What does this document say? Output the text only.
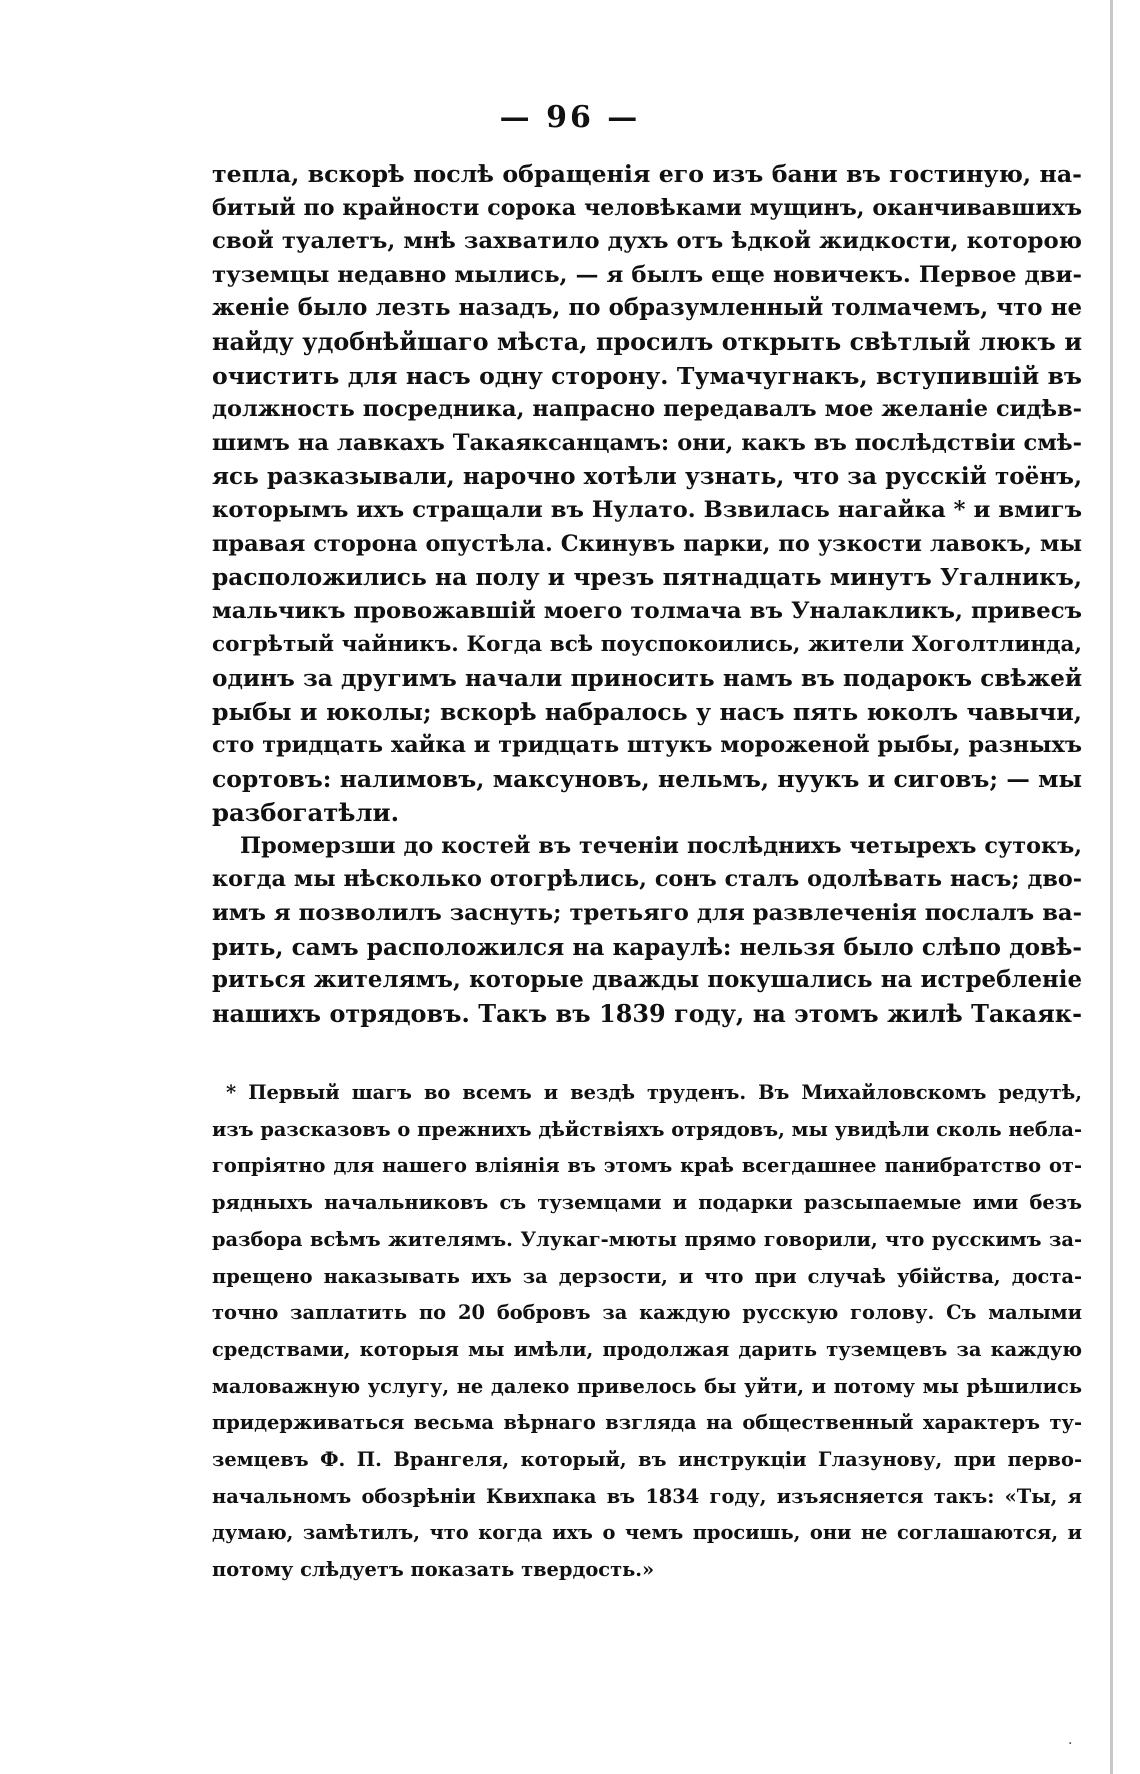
— 96 —
тепла, вскорѣ послѣ обращенія его изъ бани въ гостиную, на-
битый по крайности сорока человѣками мущинъ, оканчивавшихъ
свой туалетъ, мнѣ захватило духъ отъ ѣдкой жидкости, которою
туземцы недавно мылись, — я былъ еще новичекъ. Первое дви-
женіе было лезть назадъ, по образумленный толмачемъ, что не
найду удобнѣйшаго мѣста, просилъ открыть свѣтлый люкъ и
очистить для насъ одну сторону. Тумачугнакъ, вступившій въ
должность посредника, напрасно передавалъ мое желаніе сидѣв-
шимъ на лавкахъ Такаяксанцамъ: они, какъ въ послѣдствіи смѣ-
ясь разказывали, нарочно хотѣли узнать, что за русскій тоёнъ,
которымъ ихъ стращали въ Нулато. Взвилась нагайка * и вмигъ
правая сторона опустѣла. Скинувъ парки, по узкости лавокъ, мы
расположились на полу и чрезъ пятнадцать минутъ Угалникъ,
мальчикъ провожавшій моего толмача въ Уналакликъ, привесъ
согрѣтый чайникъ. Когда всѣ поуспокоились, жители Хоголтлинда,
одинъ за другимъ начали приносить намъ въ подарокъ свѣжей
рыбы и юколы; вскорѣ набралось у насъ пять юколъ чавычи,
сто тридцать хайка и тридцать штукъ мороженой рыбы, разныхъ
сортовъ: налимовъ, максуновъ, нельмъ, нуукъ и сиговъ; — мы
разбогатѣли.
Промерзши до костей въ теченіи послѣднихъ четырехъ сутокъ,
когда мы нѣсколько отогрѣлись, сонъ сталъ одолѣвать насъ; дво-
имъ я позволилъ заснуть; третьяго для развлеченія послалъ ва-
рить, самъ расположился на караулѣ: нельзя было слѣпо довѣ-
риться жителямъ, которые дважды покушались на истребленіе
нашихъ отрядовъ. Такъ въ 1839 году, на этомъ жилѣ Такаяк-
* Первый шагъ во всемъ и вездѣ труденъ. Въ Михайловскомъ редутѣ,
изъ разсказовъ о прежнихъ дѣйствіяхъ отрядовъ, мы увидѣли сколь небла-
гопріятно для нашего вліянія въ этомъ краѣ всегдашнее панибратство от-
рядныхъ начальниковъ съ туземцами и подарки разсыпаемые ими безъ
разбора всѣмъ жителямъ. Улукаг-мюты прямо говорили, что русскимъ за-
прещено наказывать ихъ за дерзости, и что при случаѣ убійства, доста-
точно заплатить по 20 бобровъ за каждую русскую голову. Съ малыми
средствами, которыя мы имѣли, продолжая дарить туземцевъ за каждую
маловажную услугу, не далеко привелось бы уйти, и потому мы рѣшились
придерживаться весьма вѣрнаго взгляда на общественный характеръ ту-
земцевъ Ф. П. Врангеля, который, въ инструкціи Глазунову, при перво-
начальномъ обозрѣніи Квихпака въ 1834 году, изъясняется такъ: «Ты, я
думаю, замѣтилъ, что когда ихъ о чемъ просишь, они не соглашаются, и
потому слѣдуетъ показать твердость.»
.
